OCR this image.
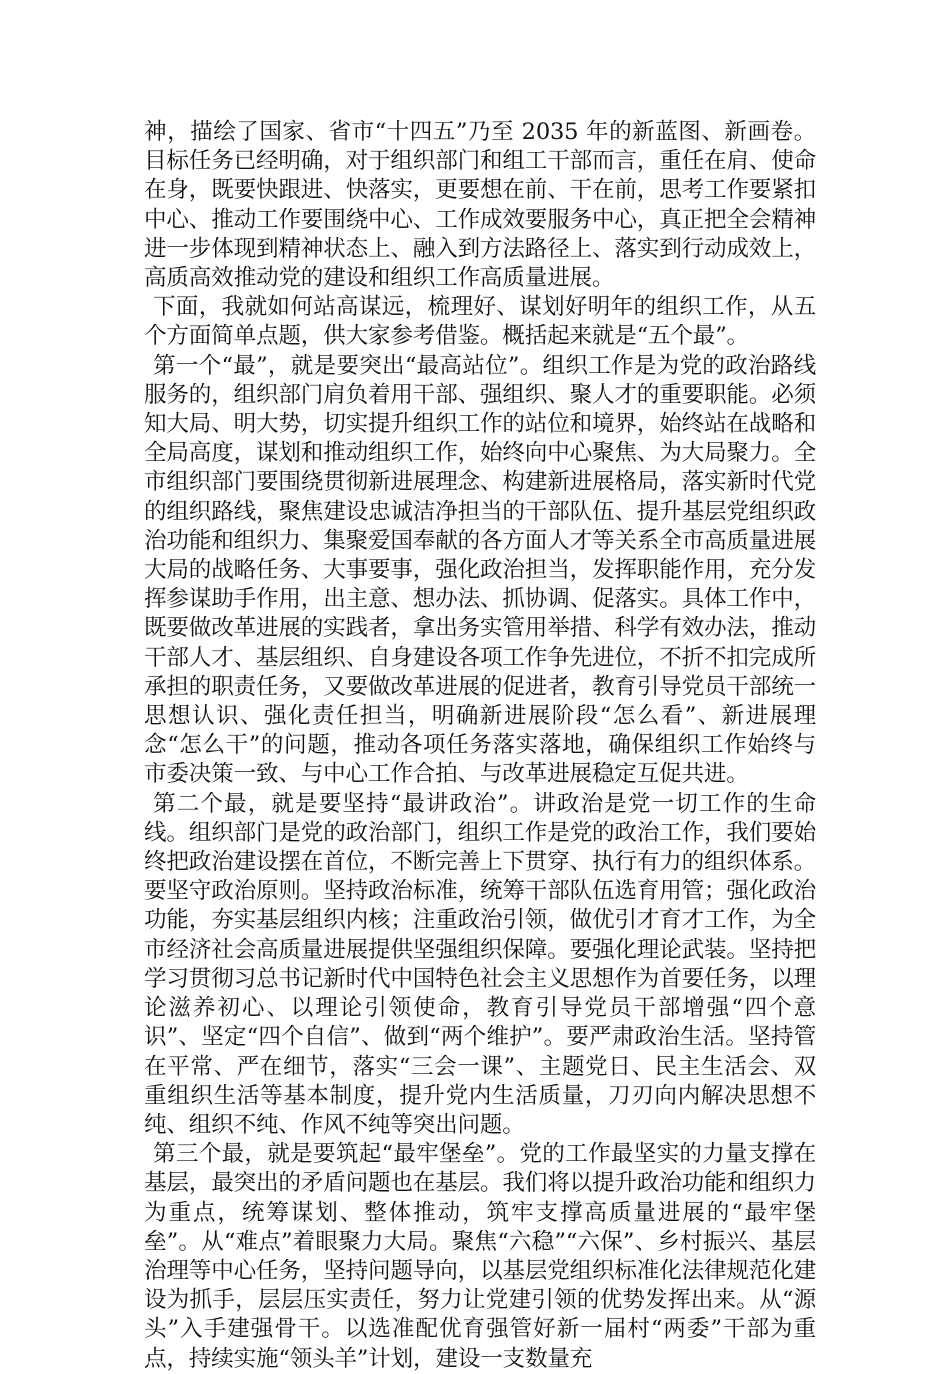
神，描绘了国家、省市“十四五”乃至 2035 年的新蓝图、新画卷。目标任务已经明确，对于组织部门和组工干部而言，重任在肩、使命在身，既要快跟进、快落实，更要想在前、干在前，思考工作要紧扣中心、推动工作要围绕中心、工作成效要服务中心，真正把全会精神进一步体现到精神状态上、融入到方法路径上、落实到行动成效上，高质高效推动党的建设和组织工作高质量进展。

下面，我就如何站高谋远，梳理好、谋划好明年的组织工作，从五个方面简单点题，供大家参考借鉴。概括起来就是“五个最”。

第一个“最”，就是要突出“最高站位”。组织工作是为党的政治路线服务的，组织部门肩负着用干部、强组织、聚人才的重要职能。必须知大局、明大势，切实提升组织工作的站位和境界，始终站在战略和全局高度，谋划和推动组织工作，始终向中心聚焦、为大局聚力。全市组织部门要围绕贯彻新进展理念、构建新进展格局，落实新时代党的组织路线，聚焦建设忠诚洁净担当的干部队伍、提升基层党组织政治功能和组织力、集聚爱国奉献的各方面人才等关系全市高质量进展大局的战略任务、大事要事，强化政治担当，发挥职能作用，充分发挥参谋助手作用，出主意、想办法、抓协调、促落实。具体工作中，既要做改革进展的实践者，拿出务实管用举措、科学有效办法，推动干部人才、基层组织、自身建设各项工作争先进位，不折不扣完成所承担的职责任务，又要做改革进展的促进者，教育引导党员干部统一思想认识、强化责任担当，明确新进展阶段“怎么看”、新进展理念“怎么干”的问题，推动各项任务落实落地，确保组织工作始终与市委决策一致、与中心工作合拍、与改革进展稳定互促共进。

第二个最，就是要坚持“最讲政治”。讲政治是党一切工作的生命线。组织部门是党的政治部门，组织工作是党的政治工作，我们要始终把政治建设摆在首位，不断完善上下贯穿、执行有力的组织体系。要坚守政治原则。坚持政治标准，统筹干部队伍选育用管；强化政治功能，夯实基层组织内核；注重政治引领，做优引才育才工作，为全市经济社会高质量进展提供坚强组织保障。要强化理论武装。坚持把学习贯彻习总书记新时代中国特色社会主义思想作为首要任务，以理论滋养初心、以理论引领使命，教育引导党员干部增强“四个意识”、坚定“四个自信”、做到“两个维护”。要严肃政治生活。坚持管在平常、严在细节，落实“三会一课”、主题党日、民主生活会、双重组织生活等基本制度，提升党内生活质量，刀刃向内解决思想不纯、组织不纯、作风不纯等突出问题。

第三个最，就是要筑起“最牢堡垒”。党的工作最坚实的力量支撑在基层，最突出的矛盾问题也在基层。我们将以提升政治功能和组织力为重点，统筹谋划、整体推动，筑牢支撑高质量进展的“最牢堡垒”。从“难点”着眼聚力大局。聚焦“六稳”“六保”、乡村振兴、基层治理等中心任务，坚持问题导向，以基层党组织标准化法律规范化建设为抓手，层层压实责任，努力让党建引领的优势发挥出来。从“源头”入手建强骨干。以选准配优育强管好新一届村“两委”干部为重点，持续实施“领头羊”计划，建设一支数量充
